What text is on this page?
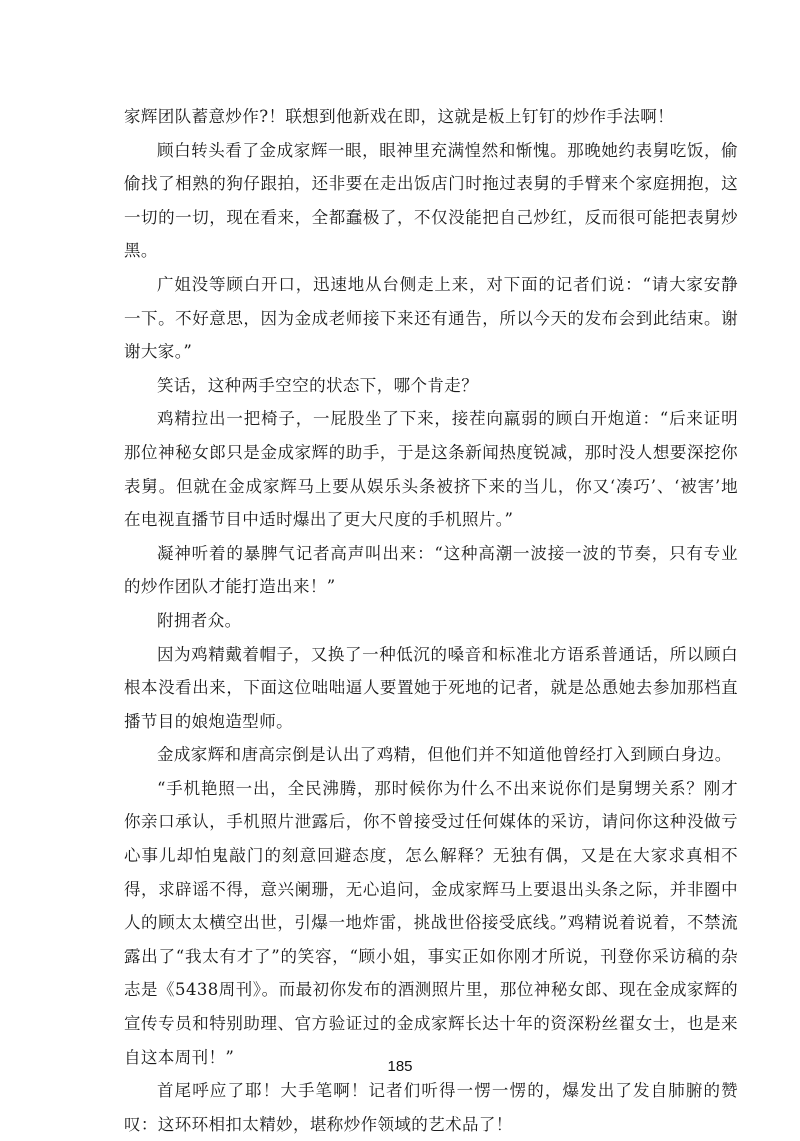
家辉团队蓄意炒作?！联想到他新戏在即，这就是板上钉钉的炒作手法啊！

顾白转头看了金成家辉一眼，眼神里充满惶然和惭愧。那晚她约表舅吃饭，偷偷找了相熟的狗仔跟拍，还非要在走出饭店门时拖过表舅的手臂来个家庭拥抱，这一切的一切，现在看来，全都蠢极了，不仅没能把自己炒红，反而很可能把表舅炒黑。

广姐没等顾白开口，迅速地从台侧走上来，对下面的记者们说：“请大家安静一下。不好意思，因为金成老师接下来还有通告，所以今天的发布会到此结束。谢谢大家。”

笑话，这种两手空空的状态下，哪个肯走？

鸡精拉出一把椅子，一屁股坐了下来，接茬向羸弱的顾白开炮道：“后来证明那位神秘女郎只是金成家辉的助手，于是这条新闻热度锐减，那时没人想要深挖你表舅。但就在金成家辉马上要从娱乐头条被挤下来的当儿，你又‘凑巧’、‘被害’地在电视直播节目中适时爆出了更大尺度的手机照片。”

凝神听着的暴脾气记者高声叫出来：“这种高潮一波接一波的节奏，只有专业的炒作团队才能打造出来！”

附拥者众。

因为鸡精戴着帽子，又换了一种低沉的嗓音和标准北方语系普通话，所以顾白根本没看出来，下面这位咄咄逼人要置她于死地的记者，就是怂恿她去参加那档直播节目的娘炮造型师。

金成家辉和唐高宗倒是认出了鸡精，但他们并不知道他曾经打入到顾白身边。

“手机艳照一出，全民沸腾，那时候你为什么不出来说你们是舅甥关系？刚才你亲口承认，手机照片泄露后，你不曾接受过任何媒体的采访，请问你这种没做亏心事儿却怕鬼敲门的刻意回避态度，怎么解释？无独有偶，又是在大家求真相不得，求辟谣不得，意兴阑珊，无心追问，金成家辉马上要退出头条之际，并非圈中人的顾太太横空出世，引爆一地炸雷，挑战世俗接受底线。”鸡精说着说着，不禁流露出了“我太有才了”的笑容，“顾小姐，事实正如你刚才所说，刊登你采访稿的杂志是《5438周刊》。而最初你发布的酒测照片里，那位神秘女郎、现在金成家辉的宣传专员和特别助理、官方验证过的金成家辉长达十年的资深粉丝翟女士，也是来自这本周刊！”

首尾呼应了耶！大手笔啊！记者们听得一愣一愣的，爆发出了发自肺腑的赞叹：这环环相扣太精妙，堪称炒作领域的艺术品了！

185
